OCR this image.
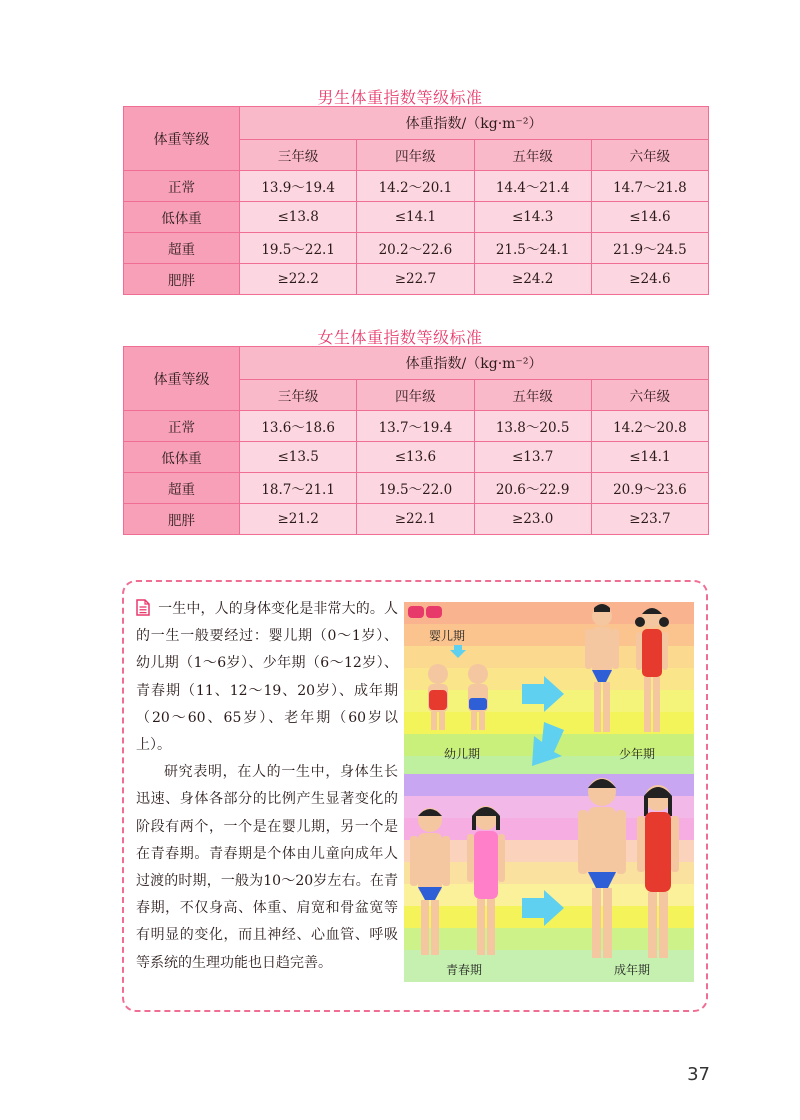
男生体重指数等级标准
体重等级	体重指数/（kg·m⁻²）			
	三年级	四年级	五年级	六年级
正常	13.9～19.4	14.2～20.1	14.4～21.4	14.7～21.8
低体重	≤13.8	≤14.1	≤14.3	≤14.6
超重	19.5～22.1	20.2～22.6	21.5～24.1	21.9～24.5
肥胖	≥22.2	≥22.7	≥24.2	≥24.6
女生体重指数等级标准
体重等级	体重指数/（kg·m⁻²）			
	三年级	四年级	五年级	六年级
正常	13.6～18.6	13.7～19.4	13.8～20.5	14.2～20.8
低体重	≤13.5	≤13.6	≤13.7	≤14.1
超重	18.7～21.1	19.5～22.0	20.6～22.9	20.9～23.6
肥胖	≥21.2	≥22.1	≥23.0	≥23.7

一生中，人的身体变化是非常大的。人的一生一般要经过：婴儿期（0～1岁）、幼儿期（1～6岁）、少年期（6～12岁）、青春期（11、12～19、20岁）、成年期（20～60、65岁）、老年期（60岁以上）。

研究表明，在人的一生中，身体生长迅速、身体各部分的比例产生显著变化的阶段有两个，一个是在婴儿期，另一个是在青春期。青春期是个体由儿童向成年人过渡的时期，一般为10～20岁左右。在青春期，不仅身高、体重、肩宽和骨盆宽等有明显的变化，而且神经、心血管、呼吸等系统的生理功能也日趋完善。

婴儿期
幼儿期	少年期
青春期	成年期
37
